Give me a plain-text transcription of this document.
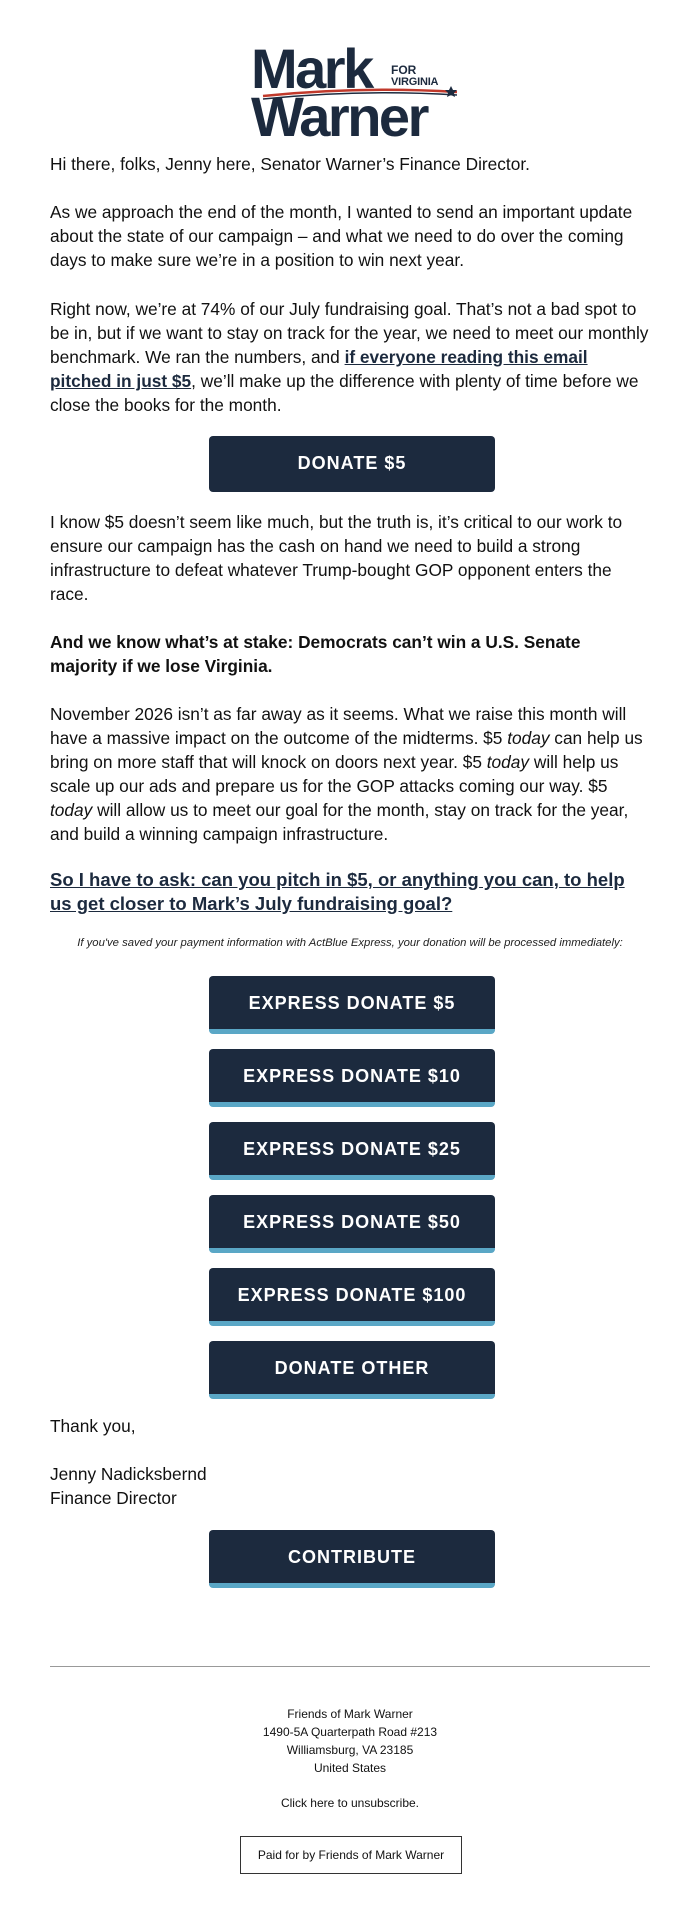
Mark FOR
VIRGINIA
Warner
Hi there, folks, Jenny here, Senator Warner’s Finance Director.
As we approach the end of the month, I wanted to send an important update about the state of our campaign – and what we need to do over the coming days to make sure we’re in a position to win next year.
Right now, we’re at 74% of our July fundraising goal. That’s not a bad spot to be in, but if we want to stay on track for the year, we need to meet our monthly benchmark. We ran the numbers, and if everyone reading this email pitched in just $5, we’ll make up the difference with plenty of time before we close the books for the month.
DONATE $5
I know $5 doesn’t seem like much, but the truth is, it’s critical to our work to ensure our campaign has the cash on hand we need to build a strong infrastructure to defeat whatever Trump-bought GOP opponent enters the race.
And we know what’s at stake: Democrats can’t win a U.S. Senate majority if we lose Virginia.
November 2026 isn’t as far away as it seems. What we raise this month will have a massive impact on the outcome of the midterms. $5 today can help us bring on more staff that will knock on doors next year. $5 today will help us scale up our ads and prepare us for the GOP attacks coming our way. $5 today will allow us to meet our goal for the month, stay on track for the year, and build a winning campaign infrastructure.
So I have to ask: can you pitch in $5, or anything you can, to help us get closer to Mark’s July fundraising goal?
If you've saved your payment information with ActBlue Express, your donation will be processed immediately:
EXPRESS DONATE $5
EXPRESS DONATE $10
EXPRESS DONATE $25
EXPRESS DONATE $50
EXPRESS DONATE $100
DONATE OTHER
Thank you,
Jenny Nadicksbernd
Finance Director
CONTRIBUTE
Friends of Mark Warner
1490-5A Quarterpath Road #213
Williamsburg, VA 23185
United States
Click here to unsubscribe.
Paid for by Friends of Mark Warner
